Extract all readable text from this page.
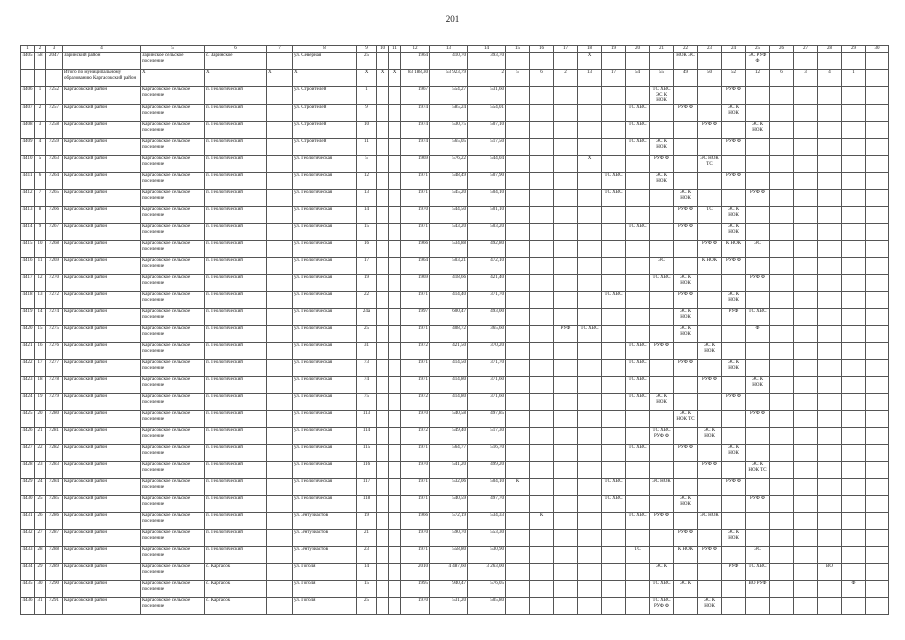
201
1	2	3	4	5	6	7	8	9	10	11	12	13	14	15	16	17	18	19	20	21	22	23	24	25	26	27	28	29	30
4405	58	2047	Заринский район	Заринское сельское поселение	с. Заринское		ул. Северная	25			1964	410,70	393,70				X				НОК ЭС			ЭС РУФ Ф					
			Итого по муниципальному образованию Каргасокский район	X	X	X	X	X	X	X	83 188,30	53 923,79	2	5	6	2	13	17	54	55	49	50	52	12	6	3	4	1	
4406	1	7252	Каргасокский район	Каргасокское сельское поселение	п. Геологический		ул. Строителей	1			1967	554,27	531,60							ТС ХВС ЭС К НОК			РУФ Ф						
4407	2	7257	Каргасокский район	Каргасокское сельское поселение	п. Геологический		ул. Строителей	9			1974	585,24	554,01						ТС ХВС		РУФ Ф		ЭС К НОК						
4408	3	7258	Каргасокский район	Каргасокское сельское поселение	п. Геологический		ул. Строителей	10			1974	530,75	507,10						ТС ХВС			РУФ Ф		ЭС К НОК					
4409	4	7259	Каргасокский район	Каргасокское сельское поселение	п. Геологический		ул. Строителей	11			1974	565,05	517,50						ТС ХВС	ЭС К НОК			РУФ Ф						
4410	5	7263	Каргасокский район	Каргасокское сельское поселение	п. Геологический		ул. Геологическая	5			1969	576,22	544,04				X			РУФ Ф		ЭС НОК ТС							
4411	6	7264	Каргасокский район	Каргасокское сельское поселение	п. Геологический		ул. Геологическая	12			1971	548,49	507,90					ТС ХВС		ЭС К НОК			РУФ Ф						
4412	7	7265	Каргасокский район	Каргасокское сельское поселение	п. Геологический		ул. Геологическая	13			1971	545,20	504,10					ТС ХВС			ЭС К НОК			РУФ Ф					
4413	8	7266	Каргасокский район	Каргасокское сельское поселение	п. Геологический		ул. Геологическая	14			1970	544,50	501,10								РУФ Ф	ТС	ЭС К НОК						
4414	9	7267	Каргасокский район	Каргасокское сельское поселение	п. Геологический		ул. Геологическая	15			1971	543,20	503,20						ТС ХВС		РУФ Ф		ЭС К НОК						
4415	10	7268	Каргасокский район	Каргасокское сельское поселение	п. Геологический		ул. Геологическая	16			1966	534,88	492,80									РУФ Ф	К НОК	ЭС					
4416	11	7269	Каргасокский район	Каргасокское сельское поселение	п. Геологический		ул. Геологическая	17			1964	503,21	472,10							ЭС		К НОК	РУФ Ф						
4417	12	7270	Каргасокский район	Каргасокское сельское поселение	п. Геологический		ул. Геологическая	19			1969	418,66	421,40							ТС ХВС	ЭС К НОК			РУФ Ф					
4418	13	7272	Каргасокский район	Каргасокское сельское поселение	п. Геологический		ул. Геологическая	22			1971	414,40	371,70					ТС ХВС			РУФ Ф		ЭС К НОК						
4419	14	7274	Каргасокский район	Каргасокское сельское поселение	п. Геологический		ул. Геологическая	24а			1997	600,47	493,00								ЭС К НОК		РУФ	ТС ХВС					
4420	15	7275	Каргасокский район	Каргасокское сельское поселение	п. Геологический		ул. Геологическая	25			1971	408,72	365,60			РУФ	ТС ХВС				ЭС К НОК			Ф					
4421	16	7276	Каргасокский район	Каргасокское сельское поселение	п. Геологический		ул. Геологическая	31			1972	421,50	370,20						ТС ХВС	РУФ Ф		ЭС К НОК							
4422	17	7277	Каргасокский район	Каргасокское сельское поселение	п. Геологический		ул. Геологическая	73			1971	414,50	371,70						ТС ХВС		РУФ Ф		ЭС К НОК						
4423	18	7278	Каргасокский район	Каргасокское сельское поселение	п. Геологический		ул. Геологическая	74			1971	414,80	371,60						ТС ХВС			РУФ Ф		ЭС К НОК					
4424	19	7279	Каргасокский район	Каргасокское сельское поселение	п. Геологический		ул. Геологическая	75			1972	414,80	371,60						ТС ХВС	ЭС К НОК			РУФ Ф						
4425	20	7280	Каргасокский район	Каргасокское сельское поселение	п. Геологический		ул. Геологическая	113			1970	540,58	497,85								ЭС К НОК ТС			РУФ Ф					
4426	21	7281	Каргасокский район	Каргасокское сельское поселение	п. Геологический		ул. Геологическая	114			1972	549,40	517,30							ТС ХВС РУФ Ф		ЭС К НОК							
4427	22	7282	Каргасокский район	Каргасокское сельское поселение	п. Геологический		ул. Геологическая	115			1971	564,77	516,70						ТС ХВС		РУФ Ф		ЭС К НОК						
4428	23	7283	Каргасокский район	Каргасокское сельское поселение	п. Геологический		ул. Геологическая	116			1970	541,20	499,20									РУФ Ф		ЭС К НОК ТС					
4429	24	7284	Каргасокский район	Каргасокское сельское поселение	п. Геологический		ул. Геологическая	117			1971	532,06	504,10	К				ТС ХВС		ЭС НОК			РУФ Ф						
4430	25	7285	Каргасокский район	Каргасокское сельское поселение	п. Геологический		ул. Геологическая	118			1971	540,59	497,70					ТС ХВС			ЭС К НОК			РУФ Ф					
4431	26	7286	Каргасокский район	Каргасокское сельское поселение	п. Геологический		ул. Энтузиастов	19			1966	572,19	534,33		К				ТС ХВС	РУФ Ф		ЭС НОК							
4432	27	7287	Каргасокский район	Каргасокское сельское поселение	п. Геологический		ул. Энтузиастов	21			1970	590,70	553,30								РУФ Ф		ЭС К НОК						
4433	28	7288	Каргасокский район	Каргасокское сельское поселение	п. Геологический		ул. Энтузиастов	23			1971	558,80	530,90						ТС		К НОК	РУФ Ф		ЭС					
4434	29	7289	Каргасокский район	Каргасокское сельское поселение	с. Каргасок		ул. Гоголя	14			2010	4 487,60	3 263,00							ЭС К			РУФ	ТС ХВС			ВО		
4435	30	7290	Каргасокский район	Каргасокское сельское поселение	с. Каргасок		ул. Гоголя	15			1995	940,47	576,05							ТС ХВС	ЭС К			ВО РУФ				Ф	
4436	31	7291	Каргасокский район	Каргасокское сельское поселение	с. Каргасок		ул. Гоголя	25			1970	531,20	505,80							ТС ХВС РУФ Ф		ЭС К НОК							
